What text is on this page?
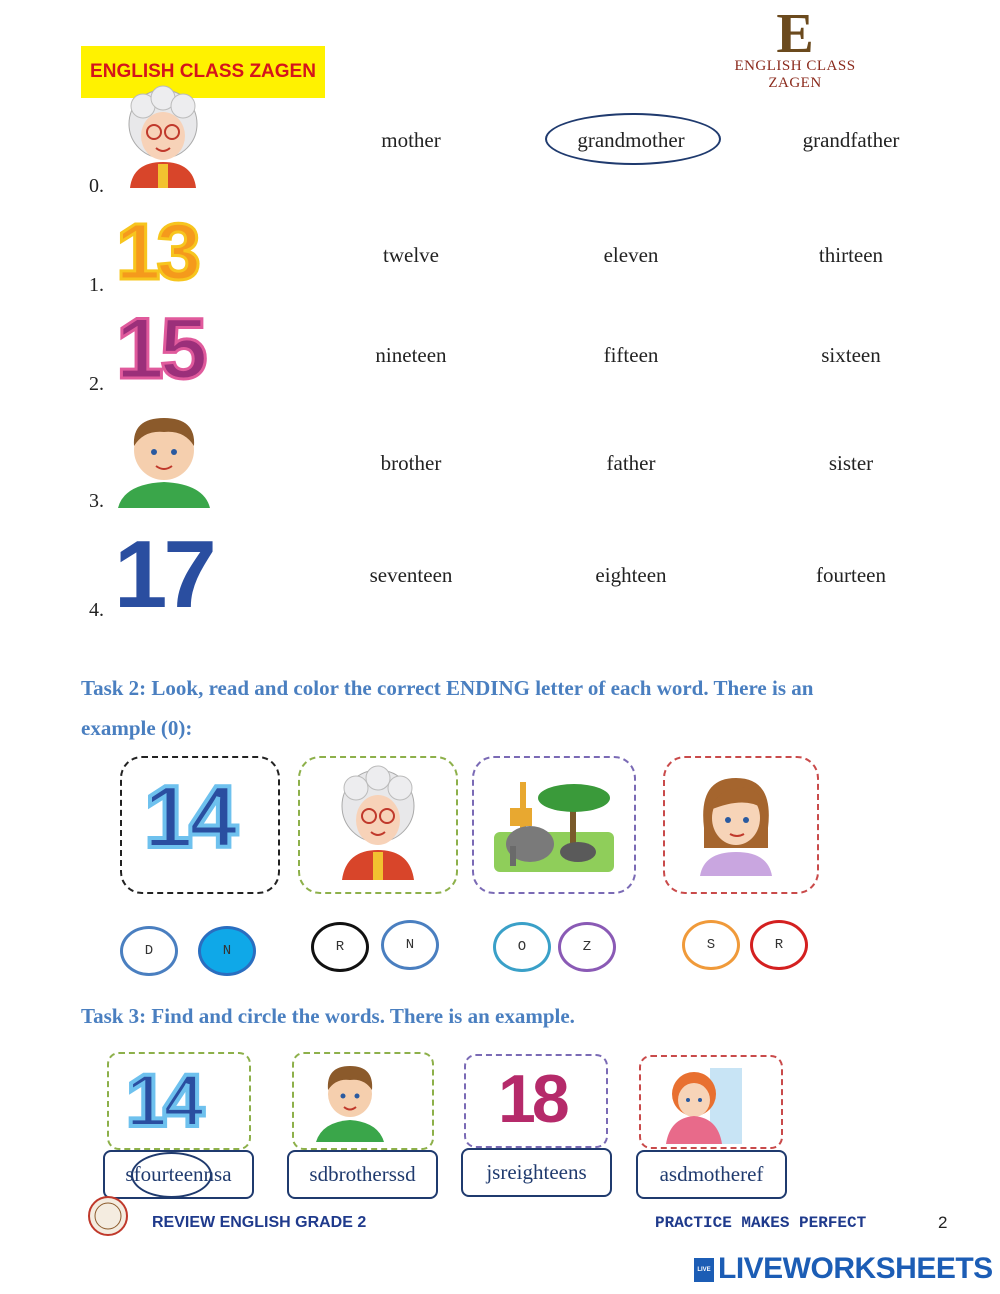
ENGLISH CLASS ZAGEN
E
ENGLISH CLASS ZAGEN
0.
mother	grandmother	grandfather
1. 13	twelve	eleven	thirteen
2. 15	nineteen	fifteen	sixteen
3.
brother	father	sister
4. 17	seventeen	eighteen	fourteen
Task 2: Look, read and color the correct ENDING letter of each word. There is an
example (0):
14
D	N	R	N	O	Z	S	R
Task 3: Find and circle the words. There is an example.
14	18
sfourteennsa	sdbrotherssd	jsreighteens	asdmotheref
REVIEW ENGLISH GRADE 2	PRACTICE MAKES PERFECT	2
LIVE LIVEWORKSHEETS
